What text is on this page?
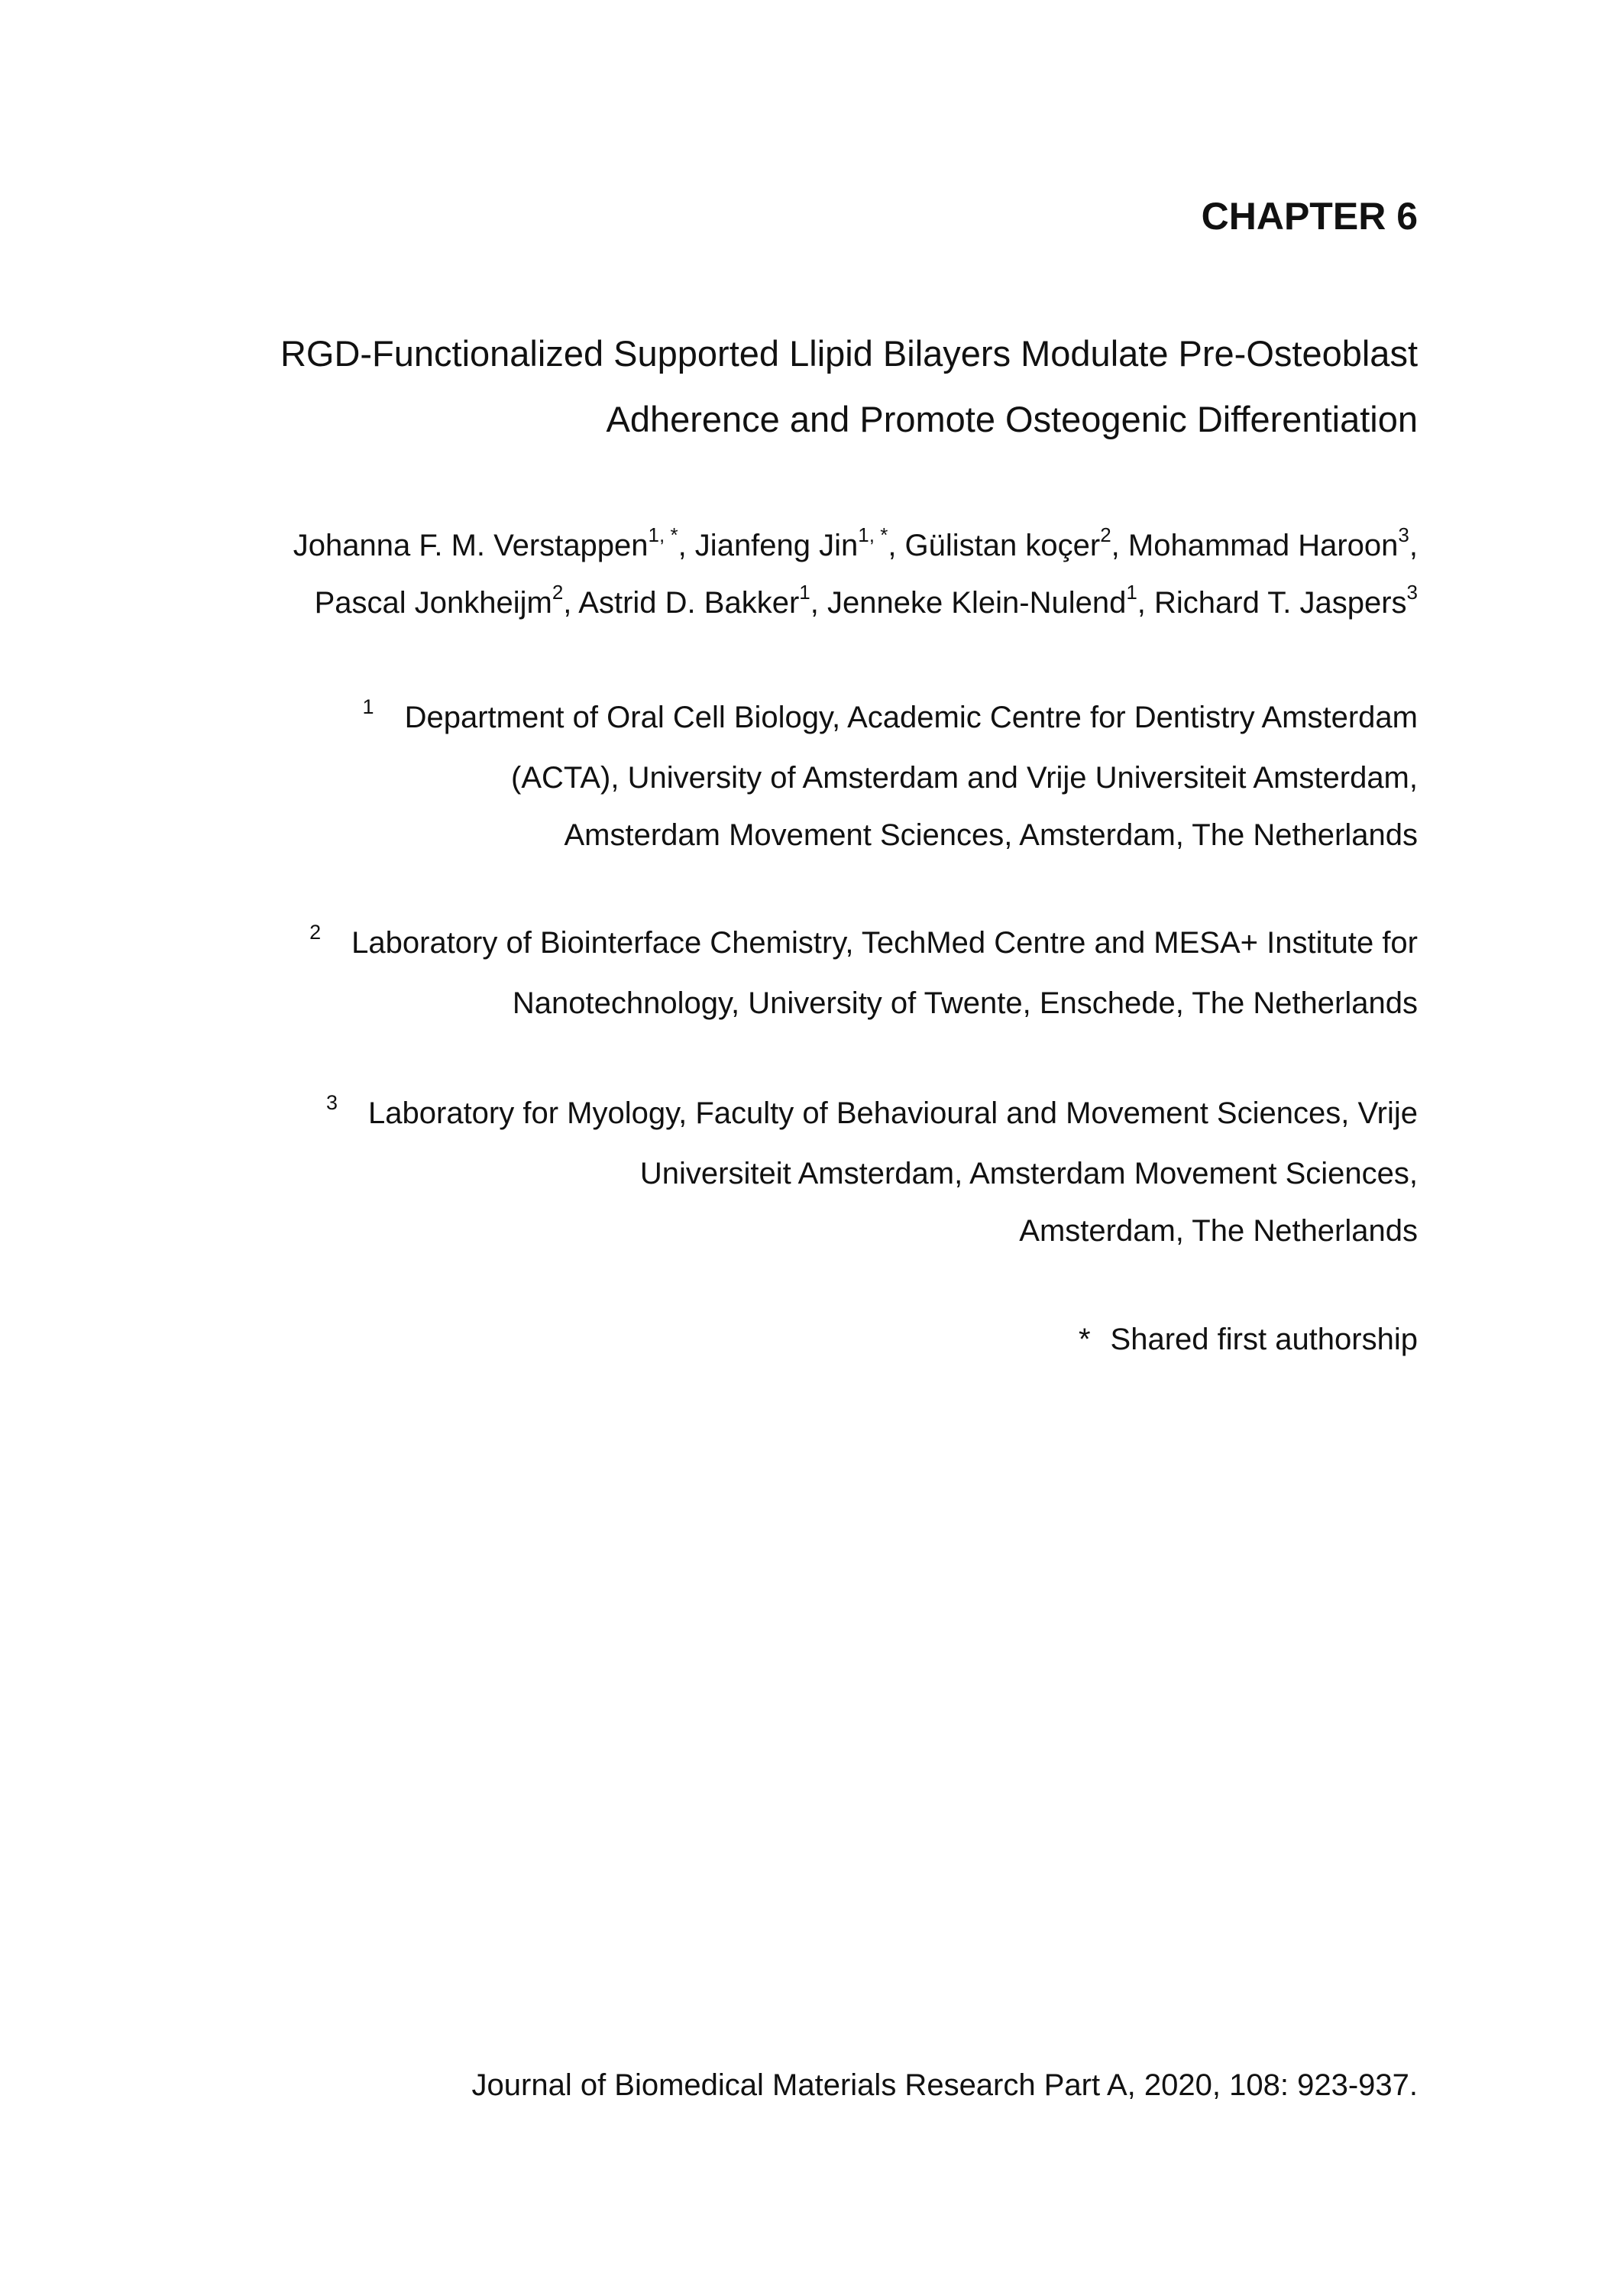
CHAPTER 6
RGD-Functionalized Supported Llipid Bilayers Modulate Pre-Osteoblast
Adherence and Promote Osteogenic Differentiation
Johanna F. M. Verstappen$^{1, *}$, Jianfeng Jin$^{1, *}$, Gülistan koçer$^2$, Mohammad Haroon$^3$,
Pascal Jonkheijm$^2$, Astrid D. Bakker$^1$, Jenneke Klein-Nulend$^1$, Richard T. Jaspers$^3$
$^1$ Department of Oral Cell Biology, Academic Centre for Dentistry Amsterdam
(ACTA), University of Amsterdam and Vrije Universiteit Amsterdam,
Amsterdam Movement Sciences, Amsterdam, The Netherlands
$^2$ Laboratory of Biointerface Chemistry, TechMed Centre and MESA+ Institute for
Nanotechnology, University of Twente, Enschede, The Netherlands
$^3$ Laboratory for Myology, Faculty of Behavioural and Movement Sciences, Vrije
Universiteit Amsterdam, Amsterdam Movement Sciences,
Amsterdam, The Netherlands
* Shared first authorship
Journal of Biomedical Materials Research Part A, 2020, 108: 923-937.
